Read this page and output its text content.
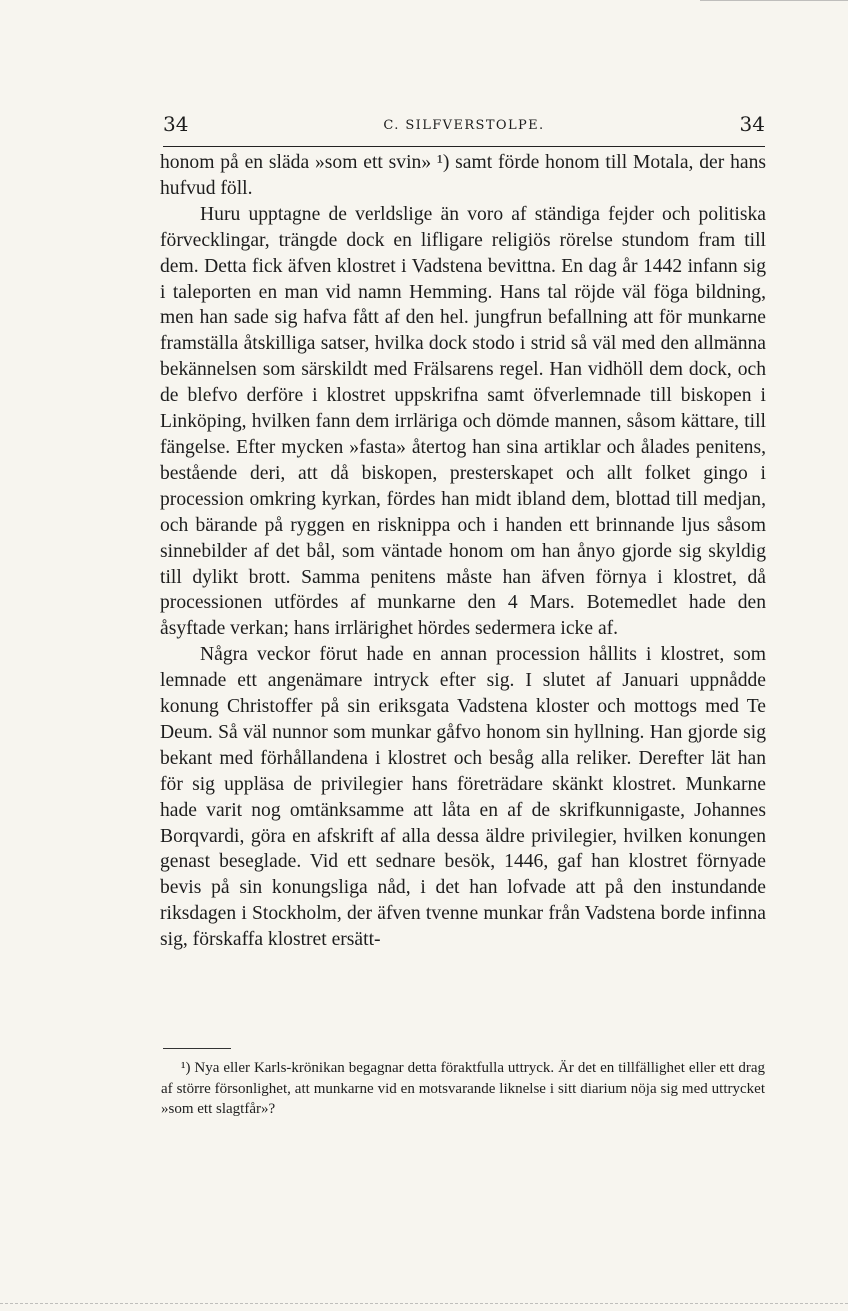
34	C. SILFVERSTOLPE.	34

honom på en släda »som ett svin» ¹) samt förde honom till Motala, der hans hufvud föll.

Huru upptagne de verldslige än voro af ständiga fejder och politiska förvecklingar, trängde dock en lifligare religiös rörelse stundom fram till dem. Detta fick äfven klostret i Vadstena bevittna. En dag år 1442 infann sig i taleporten en man vid namn Hemming. Hans tal röjde väl föga bildning, men han sade sig hafva fått af den hel. jungfrun befallning att för munkarne framställa åtskilliga satser, hvilka dock stodo i strid så väl med den allmänna bekännelsen som särskildt med Frälsarens regel. Han vidhöll dem dock, och de blefvo derföre i klostret uppskrifna samt öfverlemnade till biskopen i Linköping, hvilken fann dem irrläriga och dömde mannen, såsom kättare, till fängelse. Efter mycken »fasta» återtog han sina artiklar och ålades penitens, bestående deri, att då biskopen, presterskapet och allt folket gingo i procession omkring kyrkan, fördes han midt ibland dem, blottad till medjan, och bärande på ryggen en risknippa och i handen ett brinnande ljus såsom sinnebilder af det bål, som väntade honom om han ånyo gjorde sig skyldig till dylikt brott. Samma penitens måste han äfven förnya i klostret, då processionen utfördes af munkarne den 4 Mars. Botemedlet hade den åsyftade verkan; hans irrlärighet hördes sedermera icke af.

Några veckor förut hade en annan procession hållits i klostret, som lemnade ett angenämare intryck efter sig. I slutet af Januari uppnådde konung Christoffer på sin eriksgata Vadstena kloster och mottogs med Te Deum. Så väl nunnor som munkar gåfvo honom sin hyllning. Han gjorde sig bekant med förhållandena i klostret och besåg alla reliker. Derefter lät han för sig uppläsa de privilegier hans företrädare skänkt klostret. Munkarne hade varit nog omtänksamme att låta en af de skrifkunnigaste, Johannes Borqvardi, göra en afskrift af alla dessa äldre privilegier, hvilken konungen genast beseglade. Vid ett sednare besök, 1446, gaf han klostret förnyade bevis på sin konungsliga nåd, i det han lofvade att på den instundande riksdagen i Stockholm, der äfven tvenne munkar från Vadstena borde infinna sig, förskaffa klostret ersätt-

¹) Nya eller Karls-krönikan begagnar detta föraktfulla uttryck. Är det en tillfällighet eller ett drag af större försonlighet, att munkarne vid en motsvarande liknelse i sitt diarium nöja sig med uttrycket »som ett slagtfår»?
